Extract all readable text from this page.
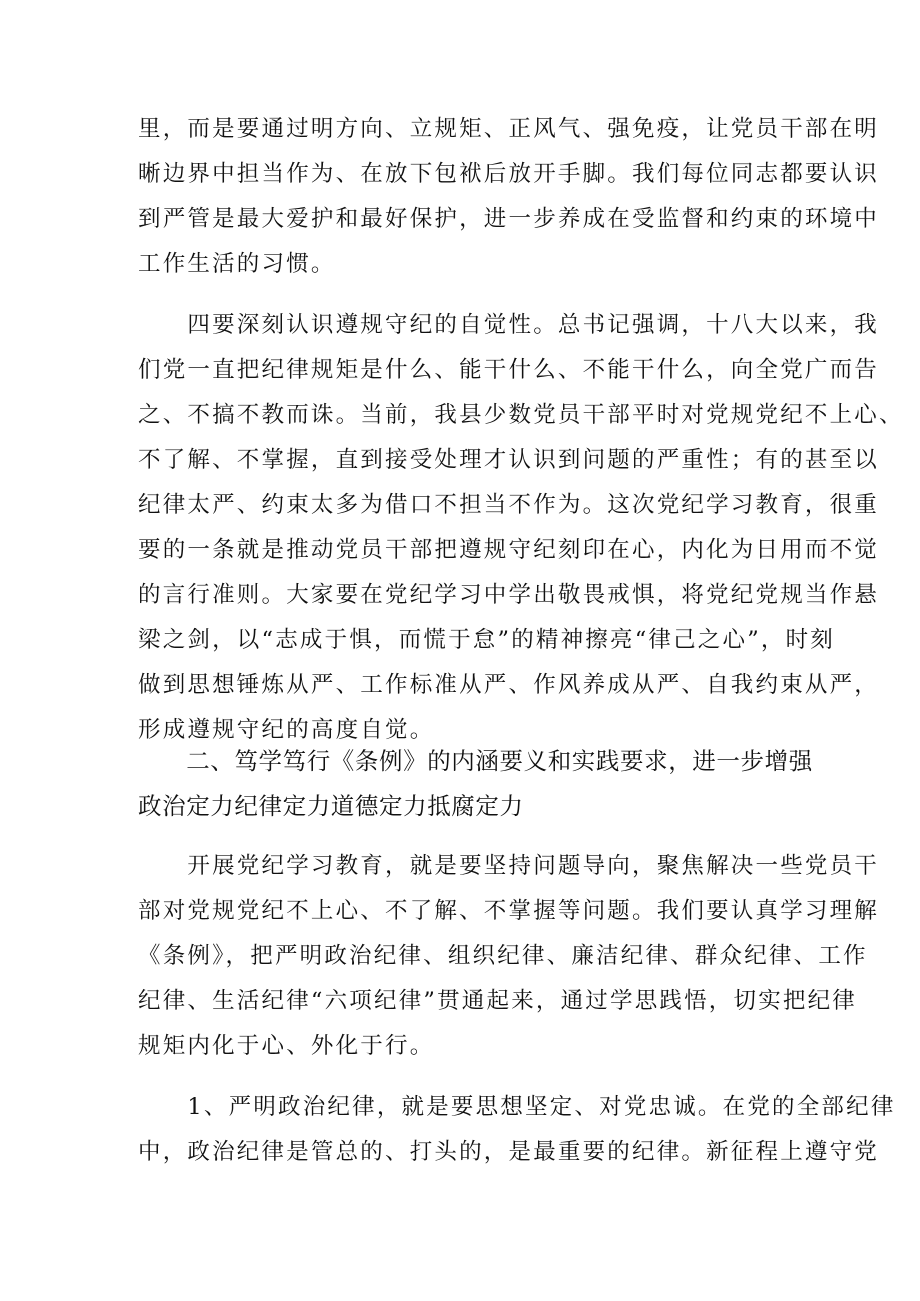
里，而是要通过明方向、立规矩、正风气、强免疫，让党员干部在明
晰边界中担当作为、在放下包袱后放开手脚。我们每位同志都要认识
到严管是最大爱护和最好保护，进一步养成在受监督和约束的环境中
工作生活的习惯。
　　四要深刻认识遵规守纪的自觉性。总书记强调，十八大以来，我
们党一直把纪律规矩是什么、能干什么、不能干什么，向全党广而告
之、不搞不教而诛。当前，我县少数党员干部平时对党规党纪不上心、
不了解、不掌握，直到接受处理才认识到问题的严重性；有的甚至以
纪律太严、约束太多为借口不担当不作为。这次党纪学习教育，很重
要的一条就是推动党员干部把遵规守纪刻印在心，内化为日用而不觉
的言行准则。大家要在党纪学习中学出敬畏戒惧，将党纪党规当作悬
梁之剑，以“志成于惧，而慌于怠”的精神擦亮“律己之心”，时刻
做到思想锤炼从严、工作标准从严、作风养成从严、自我约束从严，
形成遵规守纪的高度自觉。
　　二、笃学笃行《条例》的内涵要义和实践要求，进一步增强
政治定力纪律定力道德定力抵腐定力
　　开展党纪学习教育，就是要坚持问题导向，聚焦解决一些党员干
部对党规党纪不上心、不了解、不掌握等问题。我们要认真学习理解
《条例》，把严明政治纪律、组织纪律、廉洁纪律、群众纪律、工作
纪律、生活纪律“六项纪律”贯通起来，通过学思践悟，切实把纪律
规矩内化于心、外化于行。
　　1、严明政治纪律，就是要思想坚定、对党忠诚。在党的全部纪律
中，政治纪律是管总的、打头的，是最重要的纪律。新征程上遵守党
